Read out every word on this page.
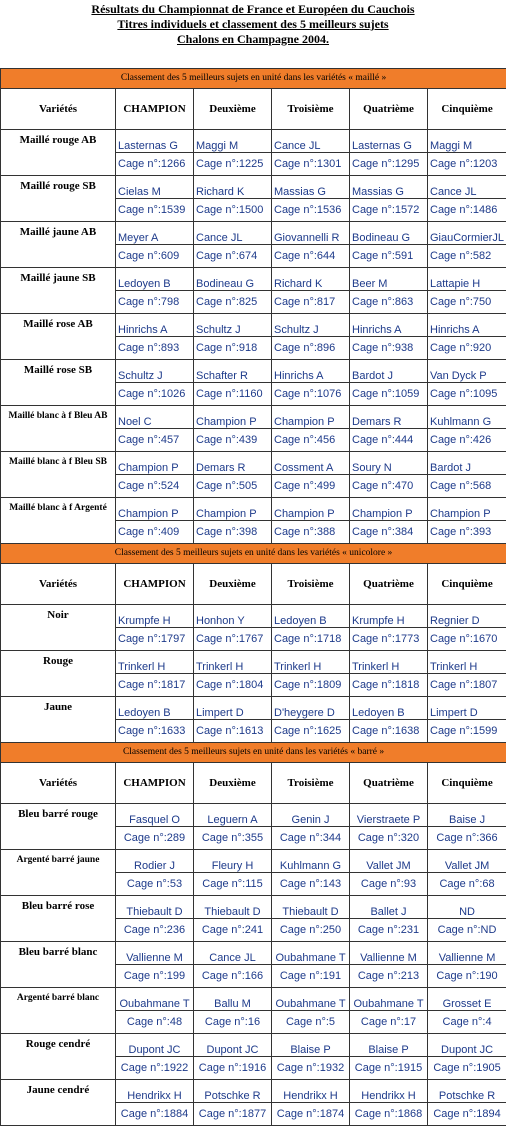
Résultats du Championnat de France et Européen du Cauchois
Titres individuels et classement des 5 meilleurs sujets
Chalons en Champagne 2004.
Classement des 5 meilleurs sujets en unité dans les variétés « maillé »					
Variétés	CHAMPION	Deuxième	Troisième	Quatrième	Cinquième
Maillé rouge AB	Lasternas G	Maggi M	Cance JL	Lasternas G	Maggi M
	Cage n°:1266	Cage n°:1225	Cage n°:1301	Cage n°:1295	Cage n°:1203
Maillé rouge SB	Cielas M	Richard K	Massias G	Massias G	Cance JL
	Cage n°:1539	Cage n°:1500	Cage n°:1536	Cage n°:1572	Cage n°:1486
Maillé jaune AB	Meyer A	Cance JL	Giovannelli R	Bodineau G	GiauCormierJL
	Cage n°:609	Cage n°:674	Cage n°:644	Cage n°:591	Cage n°:582
Maillé jaune SB	Ledoyen B	Bodineau G	Richard K	Beer M	Lattapie H
	Cage n°:798	Cage n°:825	Cage n°:817	Cage n°:863	Cage n°:750
Maillé rose AB	Hinrichs A	Schultz J	Schultz J	Hinrichs A	Hinrichs A
	Cage n°:893	Cage n°:918	Cage n°:896	Cage n°:938	Cage n°:920
Maillé rose SB	Schultz J	Schafter R	Hinrichs A	Bardot J	Van Dyck P
	Cage n°:1026	Cage n°:1160	Cage n°:1076	Cage n°:1059	Cage n°:1095
Maillé blanc à f Bleu AB	Noel C	Champion P	Champion P	Demars R	Kuhlmann G
	Cage n°:457	Cage n°:439	Cage n°:456	Cage n°:444	Cage n°:426
Maillé blanc à f Bleu SB	Champion P	Demars R	Cossment A	Soury N	Bardot J
	Cage n°:524	Cage n°:505	Cage n°:499	Cage n°:470	Cage n°:568
Maillé blanc à f Argenté	Champion P	Champion P	Champion P	Champion P	Champion P
	Cage n°:409	Cage n°:398	Cage n°:388	Cage n°:384	Cage n°:393
Classement des 5 meilleurs sujets en unité dans les variétés « unicolore »					
Variétés	CHAMPION	Deuxième	Troisième	Quatrième	Cinquième
Noir	Krumpfe H	Honhon Y	Ledoyen B	Krumpfe H	Regnier D
	Cage n°:1797	Cage n°:1767	Cage n°:1718	Cage n°:1773	Cage n°:1670
Rouge	Trinkerl H	Trinkerl H	Trinkerl H	Trinkerl H	Trinkerl H
	Cage n°:1817	Cage n°:1804	Cage n°:1809	Cage n°:1818	Cage n°:1807
Jaune	Ledoyen B	Limpert D	D'heygere D	Ledoyen B	Limpert D
	Cage n°:1633	Cage n°:1613	Cage n°:1625	Cage n°:1638	Cage n°:1599
Classement des 5 meilleurs sujets en unité dans les variétés « barré »					
Variétés	CHAMPION	Deuxième	Troisième	Quatrième	Cinquième
Bleu barré rouge	Fasquel O	Leguern A	Genin J	Vierstraete P	Baise J
	Cage n°:289	Cage n°:355	Cage n°:344	Cage n°:320	Cage n°:366
Argenté barré jaune	Rodier J	Fleury H	Kuhlmann G	Vallet JM	Vallet JM
	Cage n°:53	Cage n°:115	Cage n°:143	Cage n°:93	Cage n°:68
Bleu barré rose	Thiebault D	Thiebault D	Thiebault D	Ballet J	ND
	Cage n°:236	Cage n°:241	Cage n°:250	Cage n°:231	Cage n°:ND
Bleu barré blanc	Vallienne M	Cance JL	Oubahmane T	Vallienne M	Vallienne M
	Cage n°:199	Cage n°:166	Cage n°:191	Cage n°:213	Cage n°:190
Argenté barré blanc	Oubahmane T	Ballu M	Oubahmane T	Oubahmane T	Grosset E
	Cage n°:48	Cage n°:16	Cage n°:5	Cage n°:17	Cage n°:4
Rouge cendré	Dupont JC	Dupont JC	Blaise P	Blaise P	Dupont JC
	Cage n°:1922	Cage n°:1916	Cage n°:1932	Cage n°:1915	Cage n°:1905
Jaune cendré	Hendrikx H	Potschke R	Hendrikx H	Hendrikx H	Potschke R
	Cage n°:1884	Cage n°:1877	Cage n°:1874	Cage n°:1868	Cage n°:1894
